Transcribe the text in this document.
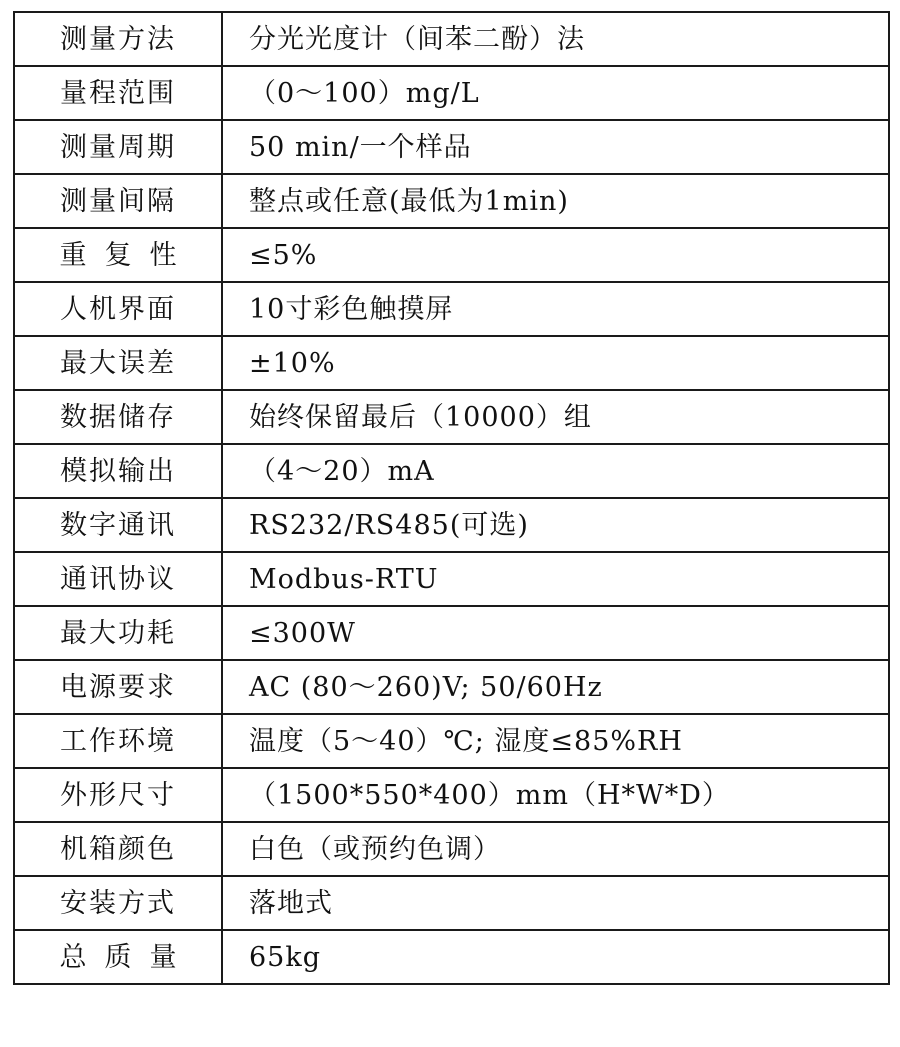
测量方法	分光光度计（间苯二酚）法
量程范围	（0～100）mg/L
测量周期	50 min/一个样品
测量间隔	整点或任意(最低为1min)
重复性	≤5%
人机界面	10寸彩色触摸屏
最大误差	±10%
数据储存	始终保留最后（10000）组
模拟输出	（4～20）mA
数字通讯	RS232/RS485(可选)
通讯协议	Modbus-RTU
最大功耗	≤300W
电源要求	AC (80～260)V; 50/60Hz
工作环境	温度（5～40）℃; 湿度≤85%RH
外形尺寸	（1500*550*400）mm（H*W*D）
机箱颜色	白色（或预约色调）
安装方式	落地式
总质量	65kg
